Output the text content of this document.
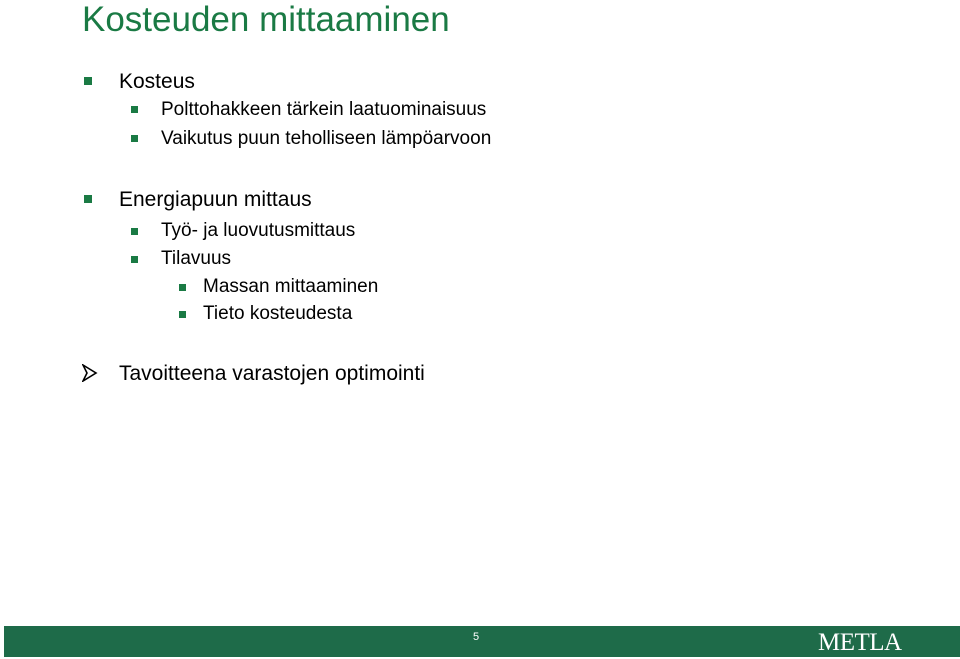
Kosteuden mittaaminen
Kosteus
Polttohakkeen tärkein laatuominaisuus
Vaikutus puun teholliseen lämpöarvoon
Energiapuun mittaus
Työ- ja luovutusmittaus
Tilavuus
Massan mittaaminen
Tieto kosteudesta
Tavoitteena varastojen optimointi
5	METLA
